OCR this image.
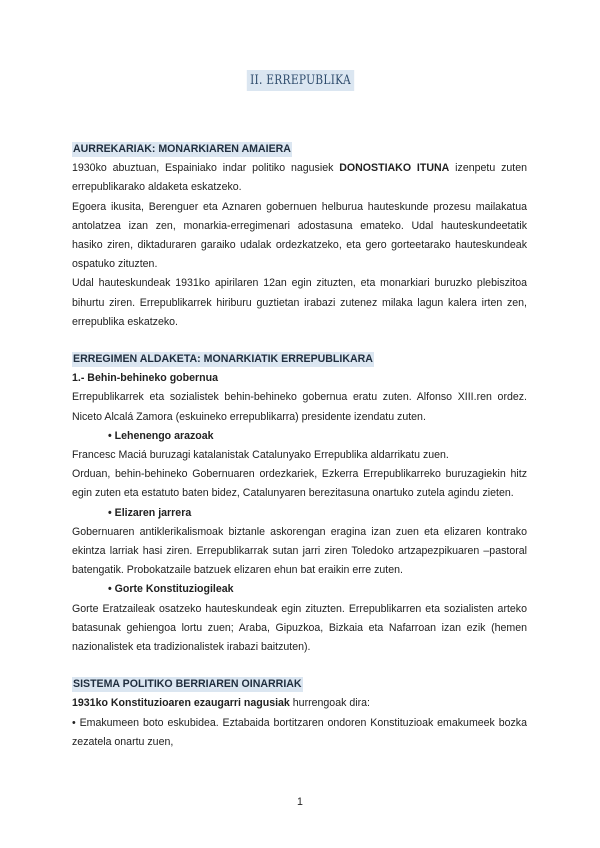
II. ERREPUBLIKA
AURREKARIAK: MONARKIAREN AMAIERA

1930ko abuztuan, Espainiako indar politiko nagusiek DONOSTIAKO ITUNA izenpetu zuten errepublikarako aldaketa eskatzeko.

Egoera ikusita, Berenguer eta Aznaren gobernuen helburua hauteskunde prozesu mailakatua antolatzea izan zen, monarkia-erregimenari adostasuna emateko. Udal hauteskundeetatik hasiko ziren, diktaduraren garaiko udalak ordezkatzeko, eta gero gorteetarako hauteskundeak ospatuko zituzten.

Udal hauteskundeak 1931ko apirilaren 12an egin zituzten, eta monarkiari buruzko plebiszitoa bihurtu ziren. Errepublikarrek hiriburu guztietan irabazi zutenez milaka lagun kalera irten zen, errepublika eskatzeko.

ERREGIMEN ALDAKETA: MONARKIATIK ERREPUBLIKARA

1.- Behin-behineko gobernua

Errepublikarrek eta sozialistek behin-behineko gobernua eratu zuten. Alfonso XIII.ren ordez. Niceto Alcalá Zamora (eskuineko errepublikarra) presidente izendatu zuten.

• Lehenengo arazoak

Francesc Maciá buruzagi katalanistak Catalunyako Errepublika aldarrikatu zuen.

Orduan, behin-behineko Gobernuaren ordezkariek, Ezkerra Errepublikarreko buruzagiekin hitz egin zuten eta estatuto baten bidez, Catalunyaren berezitasuna onartuko zutela agindu zieten.

• Elizaren jarrera

Gobernuaren antiklerikalismoak biztanle askorengan eragina izan zuen eta elizaren kontrako ekintza larriak hasi ziren. Errepublikarrak sutan jarri ziren Toledoko artzapezpikuaren –pastoral batengatik. Probokatzaile batzuek elizaren ehun bat eraikin erre zuten.

• Gorte Konstituziogileak

Gorte Eratzaileak osatzeko hauteskundeak egin zituzten. Errepublikarren eta sozialisten arteko batasunak gehiengoa lortu zuen; Araba, Gipuzkoa, Bizkaia eta Nafarroan izan ezik (hemen nazionalistek eta tradizionalistek irabazi baitzuten).

SISTEMA POLITIKO BERRIAREN OINARRIAK

1931ko Konstituzioaren ezaugarri nagusiak hurrengoak dira:

• Emakumeen boto eskubidea. Eztabaida bortitzaren ondoren Konstituzioak emakumeek bozka zezatela onartu zuen,

1
